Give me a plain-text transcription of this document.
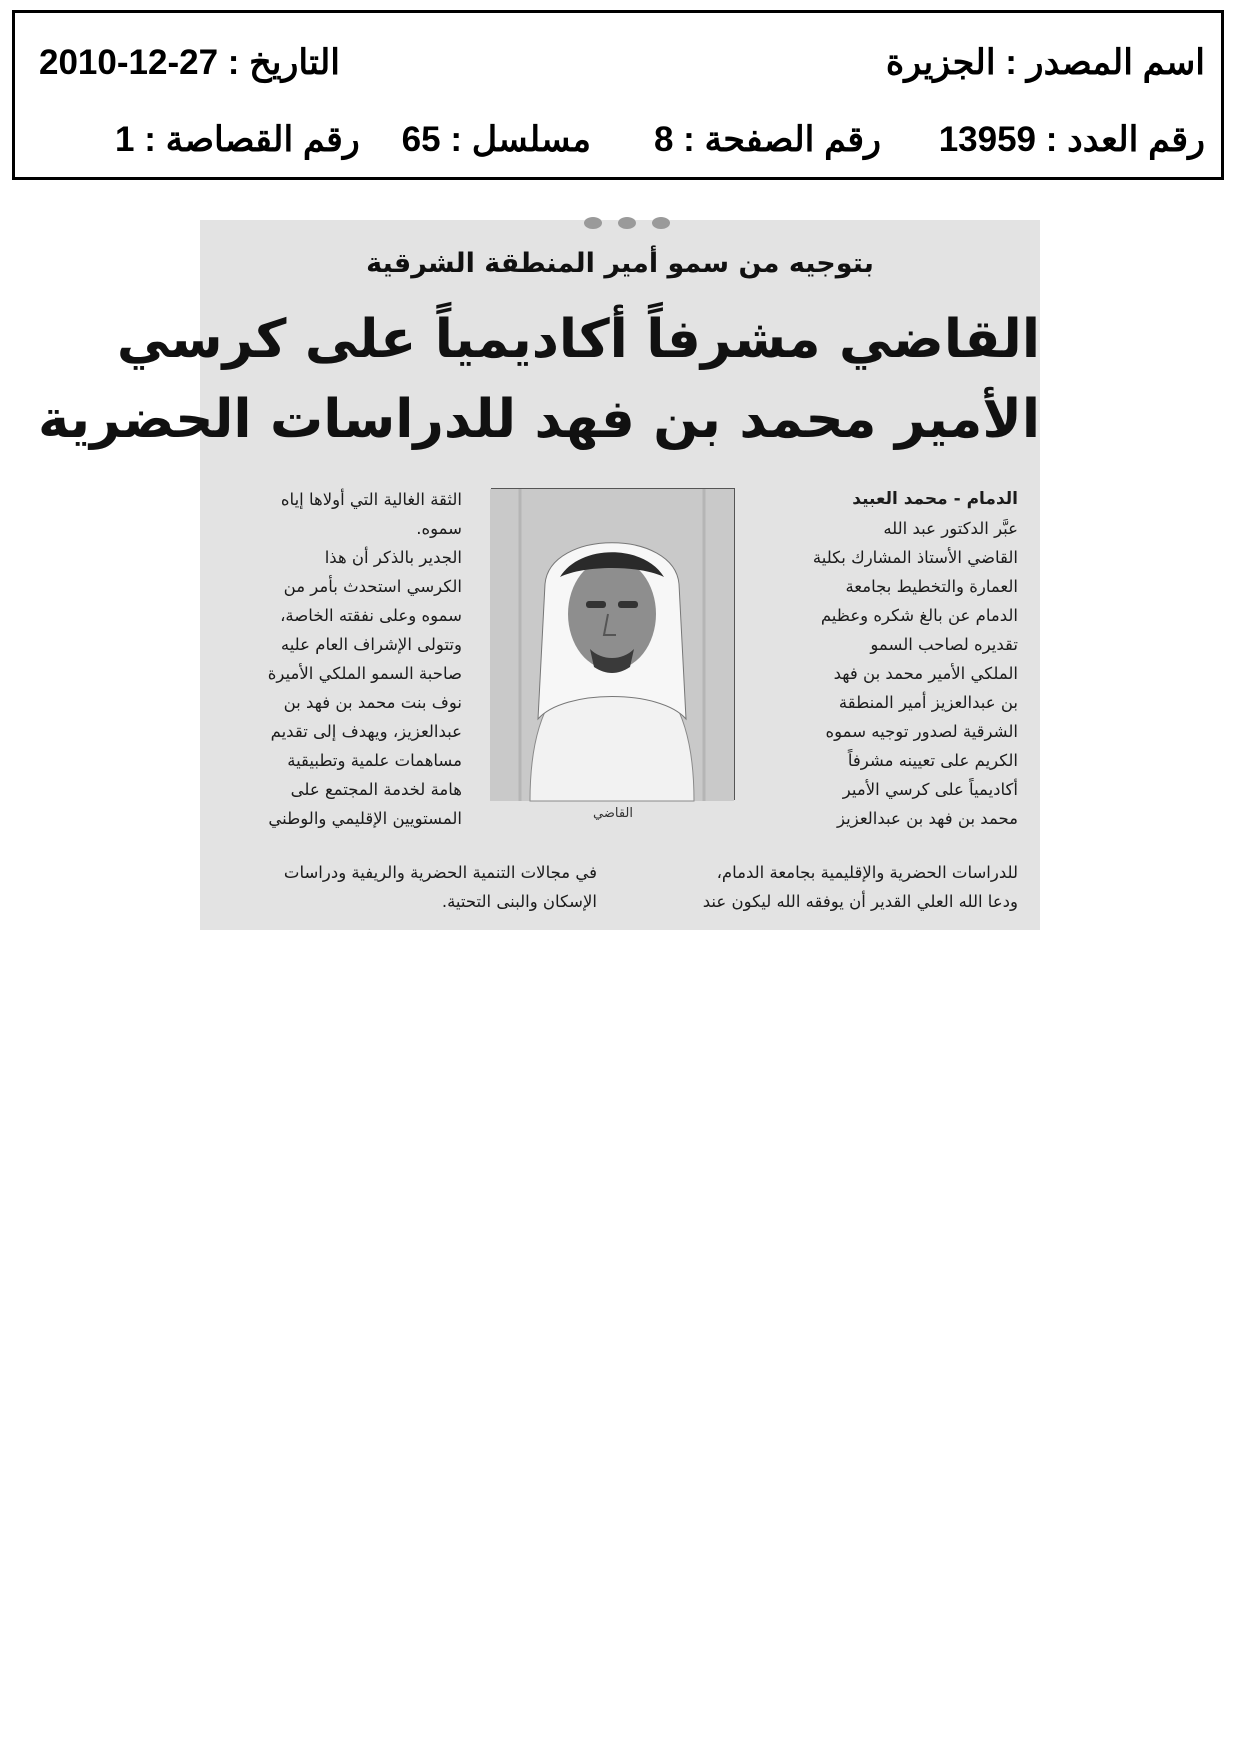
اسم المصدر : الجزيرة
التاريخ : 27-12-2010
رقم العدد : 13959
رقم الصفحة : 8
مسلسل : 65
رقم القصاصة : 1
بتوجيه من سمو أمير المنطقة الشرقية
القاضي مشرفاً أكاديمياً على كرسي
الأمير محمد بن فهد للدراسات الحضرية

الدمام - محمد العبيد

عبَّر الدكتور عبد الله

القاضي الأستاذ المشارك بكلية

العمارة والتخطيط بجامعة

الدمام عن بالغ شكره وعظيم

تقديره لصاحب السمو

الملكي الأمير محمد بن فهد

بن عبدالعزيز أمير المنطقة

الشرقية لصدور توجيه سموه

الكريم على تعيينه مشرفاً

أكاديمياً على كرسي الأمير

محمد بن فهد بن عبدالعزيز

القاضي

الثقة الغالية التي أولاها إياه

سموه.

الجدير بالذكر أن هذا

الكرسي استحدث بأمر من

سموه وعلى نفقته الخاصة،

وتتولى الإشراف العام عليه

صاحبة السمو الملكي الأميرة

نوف بنت محمد بن فهد بن

عبدالعزيز، ويهدف إلى تقديم

مساهمات علمية وتطبيقية

هامة لخدمة المجتمع على

المستويين الإقليمي والوطني

للدراسات الحضرية والإقليمية بجامعة الدمام،

ودعا الله العلي القدير أن يوفقه الله ليكون عند

في مجالات التنمية الحضرية والريفية ودراسات

الإسكان والبنى التحتية.
